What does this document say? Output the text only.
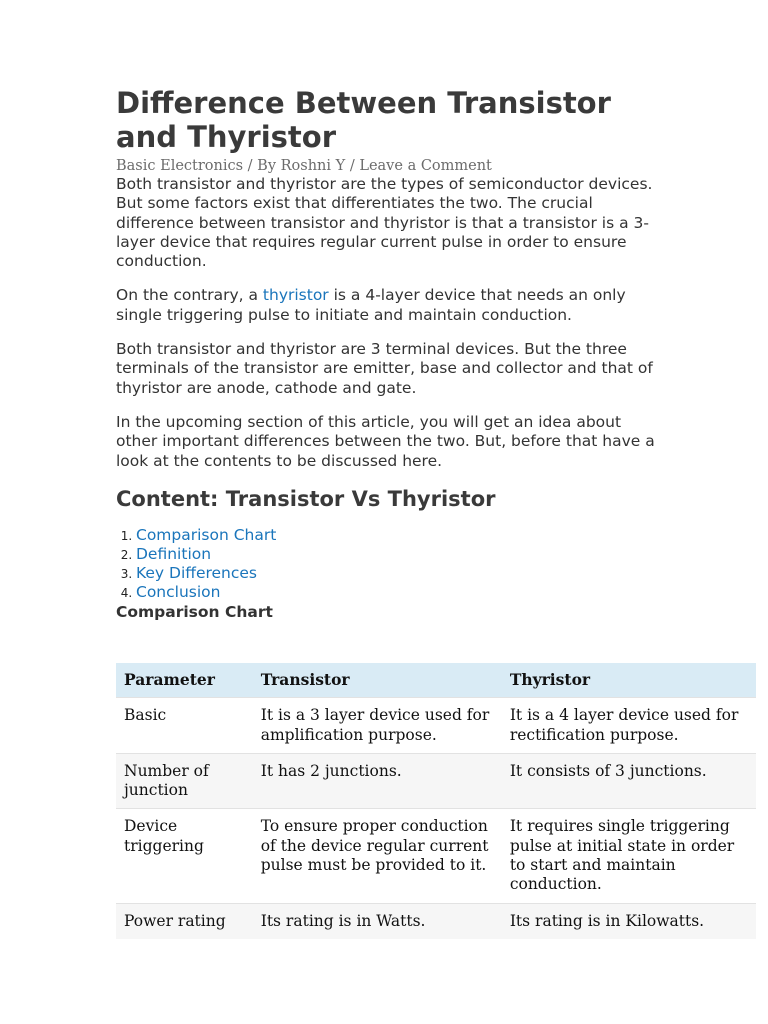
Difference Between Transistor and Thyristor
Basic Electronics / By Roshni Y / Leave a Comment

Both transistor and thyristor are the types of semiconductor devices. But some factors exist that differentiates the two. The crucial difference between transistor and thyristor is that a transistor is a 3-layer device that requires regular current pulse in order to ensure conduction.

On the contrary, a thyristor is a 4-layer device that needs an only single triggering pulse to initiate and maintain conduction.

Both transistor and thyristor are 3 terminal devices. But the three terminals of the transistor are emitter, base and collector and that of thyristor are anode, cathode and gate.

In the upcoming section of this article, you will get an idea about other important differences between the two. But, before that have a look at the contents to be discussed here.

Content: Transistor Vs Thyristor
1. Comparison Chart
2. Definition
3. Key Differences
4. Conclusion
Comparison Chart
Parameter	Transistor	Thyristor
Basic	It is a 3 layer device used for amplification purpose.	It is a 4 layer device used for rectification purpose.
Number of junction	It has 2 junctions.	It consists of 3 junctions.
Device triggering	To ensure proper conduction of the device regular current pulse must be provided to it.	It requires single triggering pulse at initial state in order to start and maintain conduction.
Power rating	Its rating is in Watts.	Its rating is in Kilowatts.
